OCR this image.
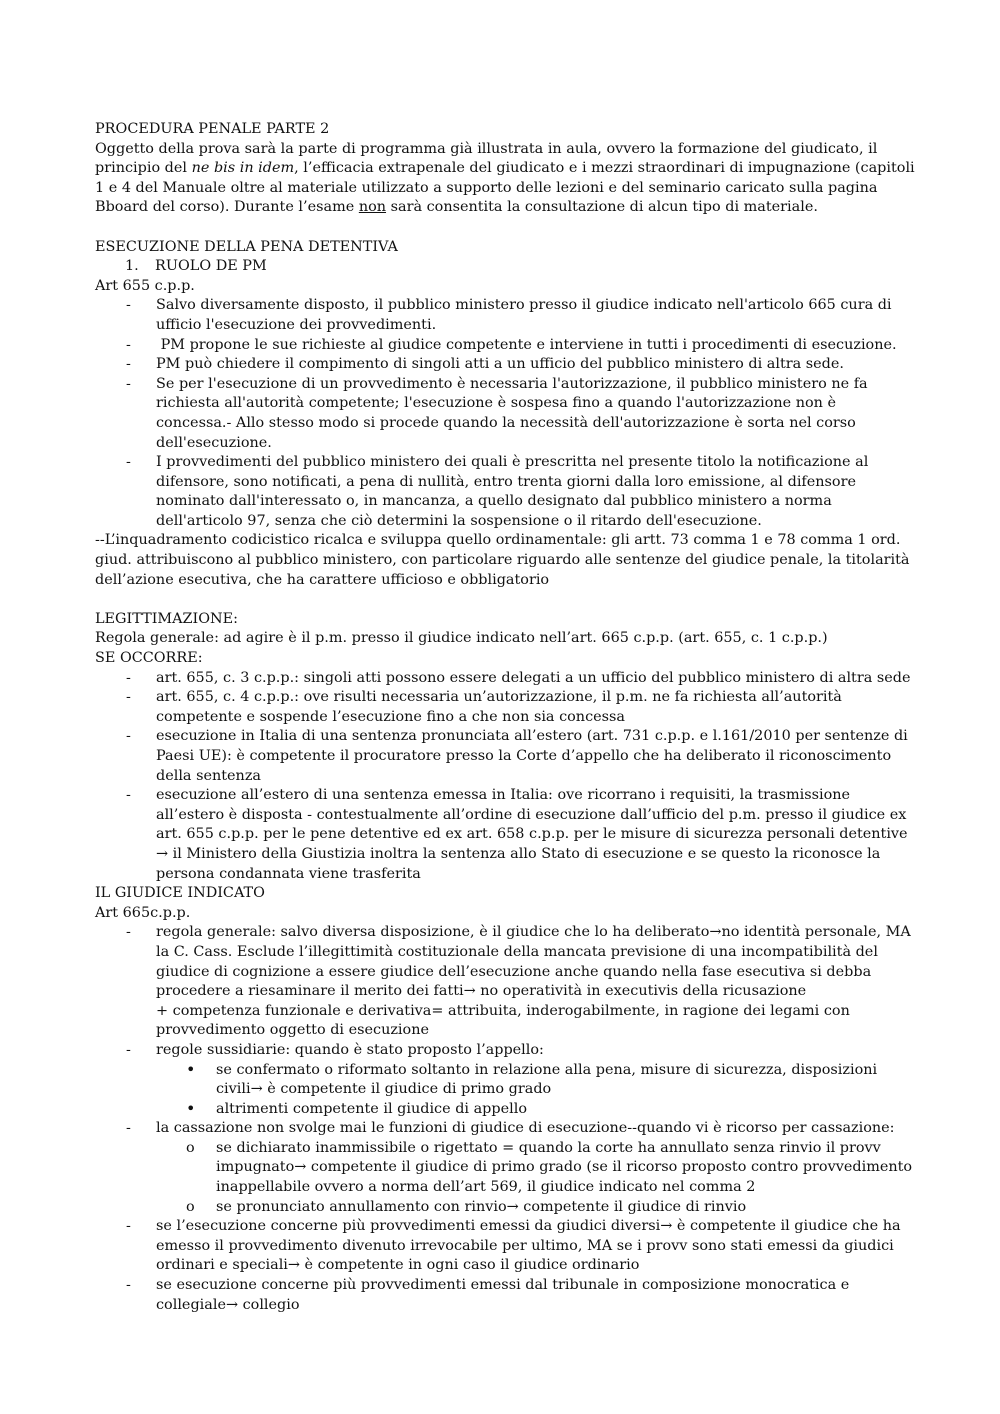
PROCEDURA PENALE PARTE 2

Oggetto della prova sarà la parte di programma già illustrata in aula, ovvero la formazione del giudicato, il principio del ne bis in idem, l’efficacia extrapenale del giudicato e i mezzi straordinari di impugnazione (capitoli 1 e 4 del Manuale oltre al materiale utilizzato a supporto delle lezioni e del seminario caricato sulla pagina Bboard del corso). Durante l’esame non sarà consentita la consultazione di alcun tipo di materiale.

ESECUZIONE DELLA PENA DETENTIVA

1.	RUOLO DE PM

Art 655 c.p.p.

- Salvo diversamente disposto, il pubblico ministero presso il giudice indicato nell'articolo 665 cura di ufficio l'esecuzione dei provvedimenti.
- PM propone le sue richieste al giudice competente e interviene in tutti i procedimenti di esecuzione.
- PM può chiedere il compimento di singoli atti a un ufficio del pubblico ministero di altra sede.
- Se per l'esecuzione di un provvedimento è necessaria l'autorizzazione, il pubblico ministero ne fa richiesta all'autorità competente; l'esecuzione è sospesa fino a quando l'autorizzazione non è concessa.- Allo stesso modo si procede quando la necessità dell'autorizzazione è sorta nel corso dell'esecuzione.
- I provvedimenti del pubblico ministero dei quali è prescritta nel presente titolo la notificazione al difensore, sono notificati, a pena di nullità, entro trenta giorni dalla loro emissione, al difensore nominato dall'interessato o, in mancanza, a quello designato dal pubblico ministero a norma dell'articolo 97, senza che ciò determini la sospensione o il ritardo dell'esecuzione.

--L’inquadramento codicistico ricalca e sviluppa quello ordinamentale: gli artt. 73 comma 1 e 78 comma 1 ord. giud. attribuiscono al pubblico ministero, con particolare riguardo alle sentenze del giudice penale, la titolarità dell’azione esecutiva, che ha carattere ufficioso e obbligatorio

LEGITTIMAZIONE:

Regola generale: ad agire è il p.m. presso il giudice indicato nell’art. 665 c.p.p. (art. 655, c. 1 c.p.p.)

SE OCCORRE:

- art. 655, c. 3 c.p.p.: singoli atti possono essere delegati a un ufficio del pubblico ministero di altra sede
- art. 655, c. 4 c.p.p.: ove risulti necessaria un’autorizzazione, il p.m. ne fa richiesta all’autorità competente e sospende l’esecuzione fino a che non sia concessa
- esecuzione in Italia di una sentenza pronunciata all’estero (art. 731 c.p.p. e l.161/2010 per sentenze di Paesi UE): è competente il procuratore presso la Corte d’appello che ha deliberato il riconoscimento della sentenza
- esecuzione all’estero di una sentenza emessa in Italia: ove ricorrano i requisiti, la trasmissione all’estero è disposta - contestualmente all’ordine di esecuzione dall’ufficio del p.m. presso il giudice ex art. 655 c.p.p. per le pene detentive ed ex art. 658 c.p.p. per le misure di sicurezza personali detentive → il Ministero della Giustizia inoltra la sentenza allo Stato di esecuzione e se questo la riconosce la persona condannata viene trasferita

IL GIUDICE INDICATO

Art 665c.p.p.

- regola generale: salvo diversa disposizione, è il giudice che lo ha deliberato→no identità personale, MA la C. Cass. Esclude l’illegittimità costituzionale della mancata previsione di una incompatibilità del giudice di cognizione a essere giudice dell’esecuzione anche quando nella fase esecutiva si debba procedere a riesaminare il merito dei fatti→ no operatività in executivis della ricusazione

+ competenza funzionale e derivativa= attribuita, inderogabilmente, in ragione dei legami con provvedimento oggetto di esecuzione

- regole sussidiarie: quando è stato proposto l’appello:
• se confermato o riformato soltanto in relazione alla pena, misure di sicurezza, disposizioni civili→ è competente il giudice di primo grado
• altrimenti competente il giudice di appello
- la cassazione non svolge mai le funzioni di giudice di esecuzione--quando vi è ricorso per cassazione:
o se dichiarato inammissibile o rigettato = quando la corte ha annullato senza rinvio il provv impugnato→ competente il giudice di primo grado (se il ricorso proposto contro provvedimento inappellabile ovvero a norma dell’art 569, il giudice indicato nel comma 2
o se pronunciato annullamento con rinvio→ competente il giudice di rinvio
- se l’esecuzione concerne più provvedimenti emessi da giudici diversi→ è competente il giudice che ha emesso il provvedimento divenuto irrevocabile per ultimo, MA se i provv sono stati emessi da giudici ordinari e speciali→ è competente in ogni caso il giudice ordinario
- se esecuzione concerne più provvedimenti emessi dal tribunale in composizione monocratica e collegiale→ collegio
